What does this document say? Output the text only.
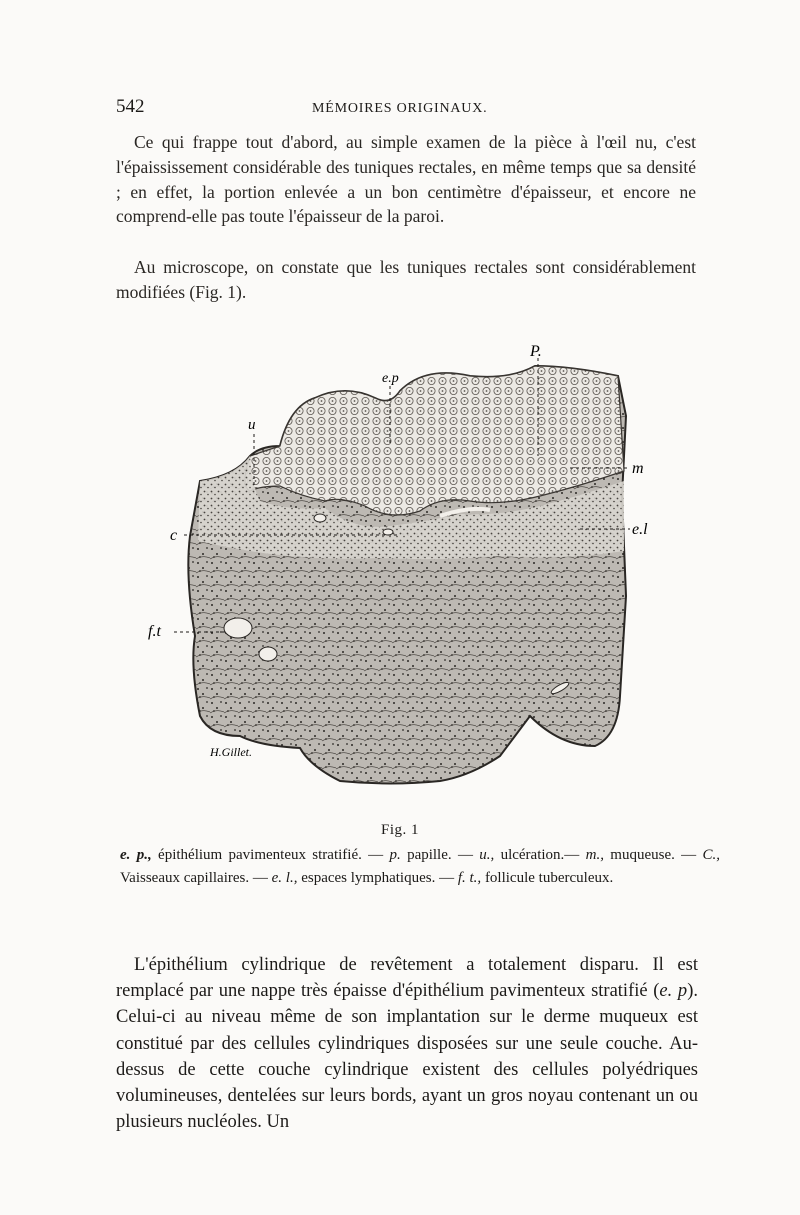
542	MÉMOIRES ORIGINAUX.

Ce qui frappe tout d'abord, au simple examen de la pièce à l'œil nu, c'est l'épaississement considérable des tuniques rectales, en même temps que sa densité ; en effet, la portion enlevée a un bon centimètre d'épaisseur, et encore ne comprend-elle pas toute l'épaisseur de la paroi.

Au microscope, on constate que les tuniques rectales sont considérablement modifiées (Fig. 1).

P.
e.p
u
m
e.l
c
f.t
H.Gillet.
Fig. 1
e. p., épithélium pavimenteux stratifié. — p. papille. — u., ulcération.— m., muqueuse. — C., Vaisseaux capillaires. — e. l., espaces lymphatiques. — f. t., follicule tuberculeux.

L'épithélium cylindrique de revêtement a totalement disparu. Il est remplacé par une nappe très épaisse d'épithélium pavimenteux stratifié (e. p). Celui-ci au niveau même de son implantation sur le derme muqueux est constitué par des cellules cylindriques disposées sur une seule couche. Au-dessus de cette couche cylindrique existent des cellules polyédriques volumineuses, dentelées sur leurs bords, ayant un gros noyau contenant un ou plusieurs nucléoles. Un
